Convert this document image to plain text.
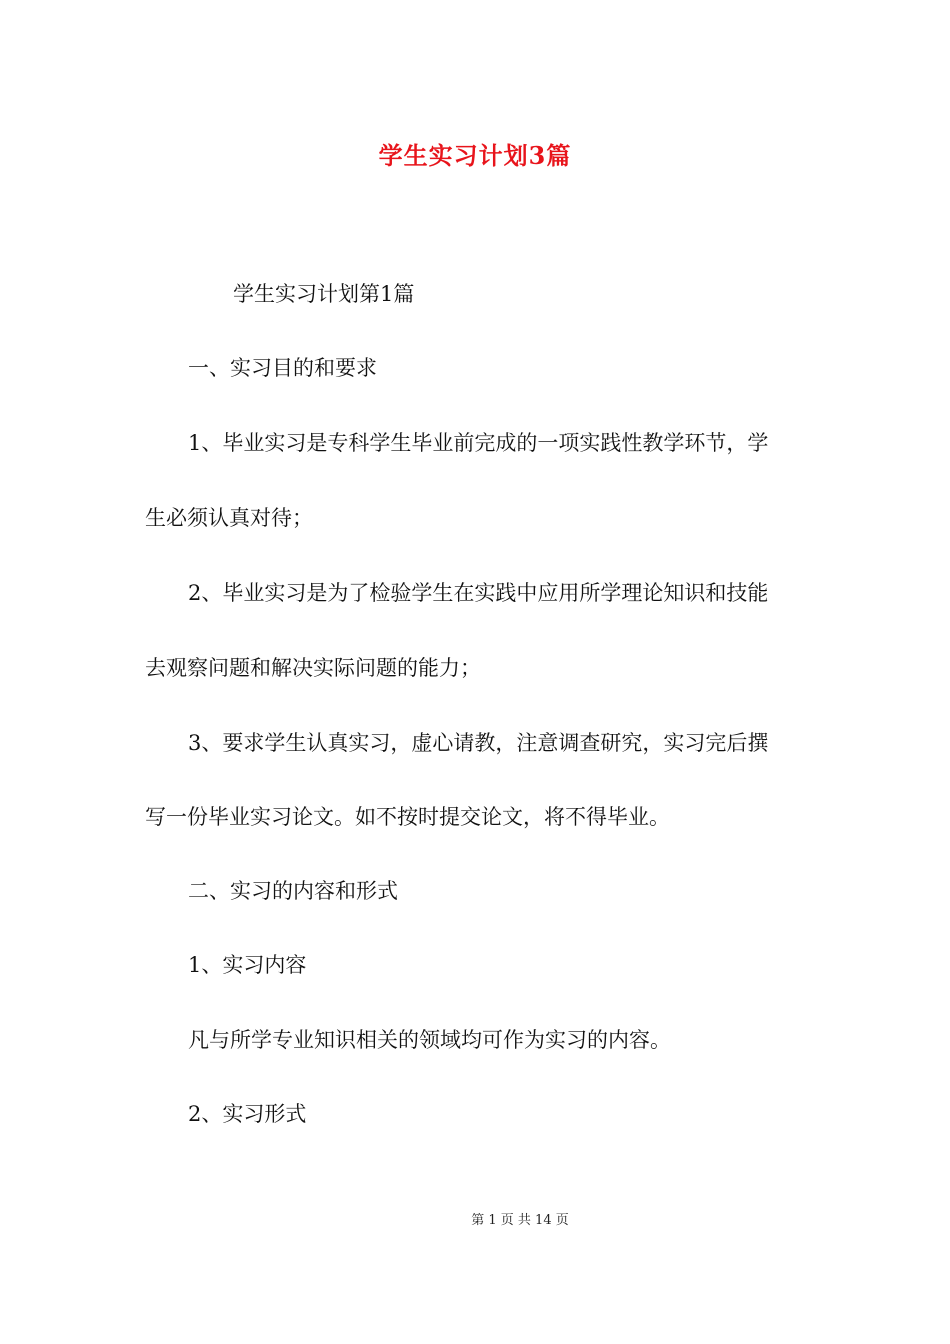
学生实习计划3篇
学生实习计划第1篇
一、实习目的和要求
1、毕业实习是专科学生毕业前完成的一项实践性教学环节，学
生必须认真对待；
2、毕业实习是为了检验学生在实践中应用所学理论知识和技能
去观察问题和解决实际问题的能力；
3、要求学生认真实习，虚心请教，注意调查研究，实习完后撰
写一份毕业实习论文。如不按时提交论文，将不得毕业。
二、实习的内容和形式
1、实习内容
凡与所学专业知识相关的领域均可作为实习的内容。
2、实习形式
第 1 页 共 14 页
